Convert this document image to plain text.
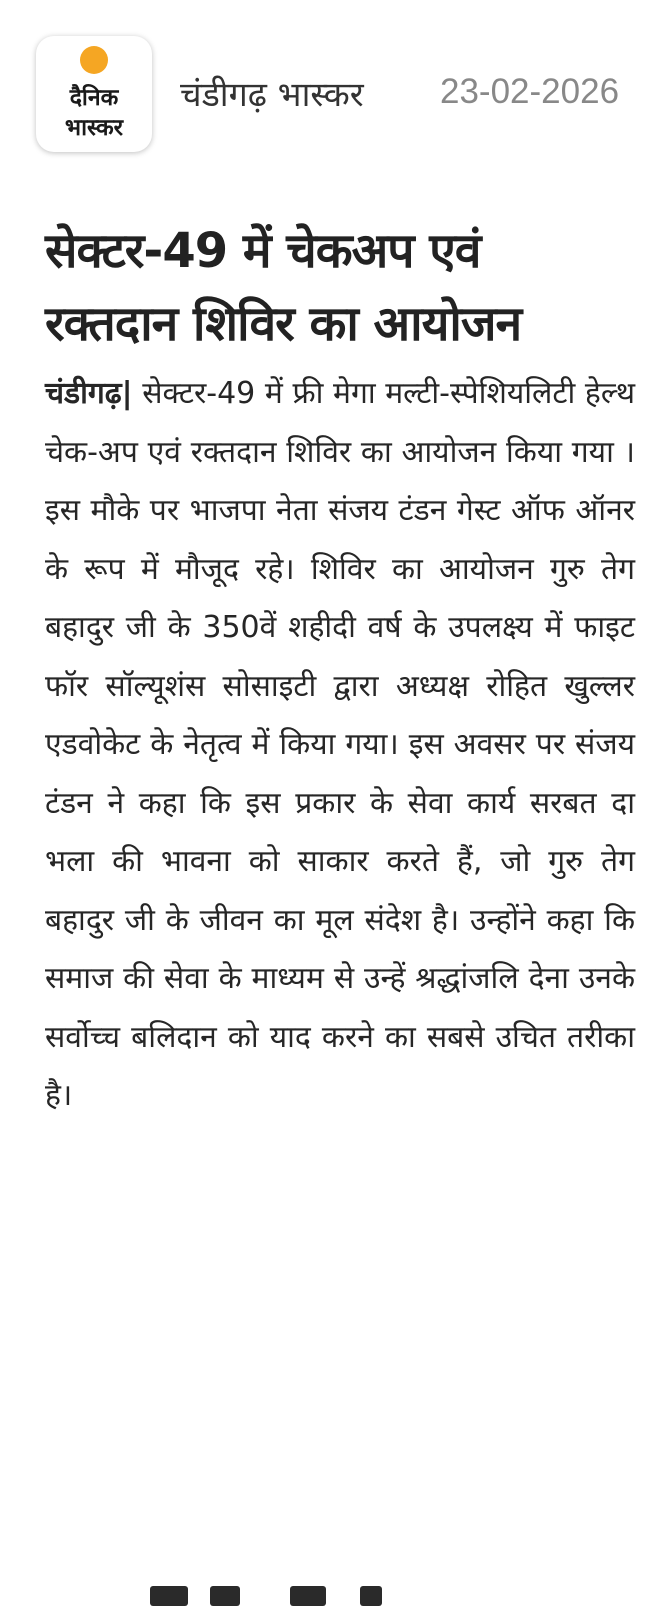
दैनिक
भास्कर
चंडीगढ़ भास्कर 23-02-2026
सेक्टर-49 में चेकअप एवं
रक्तदान शिविर का आयोजन

चंडीगढ़| सेक्टर-49 में फ्री मेगा मल्टी-स्पेशियलिटी हेल्थ चेक-अप एवं रक्तदान शिविर का आयोजन किया गया । इस मौके पर भाजपा नेता संजय टंडन गेस्ट ऑफ ऑनर के रूप में मौजूद रहे। शिविर का आयोजन गुरु तेग बहादुर जी के 350वें शहीदी वर्ष के उपलक्ष्य में फाइट फॉर सॉल्यूशंस सोसाइटी द्वारा अध्यक्ष रोहित खुल्लर एडवोकेट के नेतृत्व में किया गया। इस अवसर पर संजय टंडन ने कहा कि इस प्रकार के सेवा कार्य सरबत दा भला की भावना को साकार करते हैं, जो गुरु तेग बहादुर जी के जीवन का मूल संदेश है। उन्होंने कहा कि समाज की सेवा के माध्यम से उन्हें श्रद्धांजलि देना उनके सर्वोच्च बलिदान को याद करने का सबसे उचित तरीका है।
